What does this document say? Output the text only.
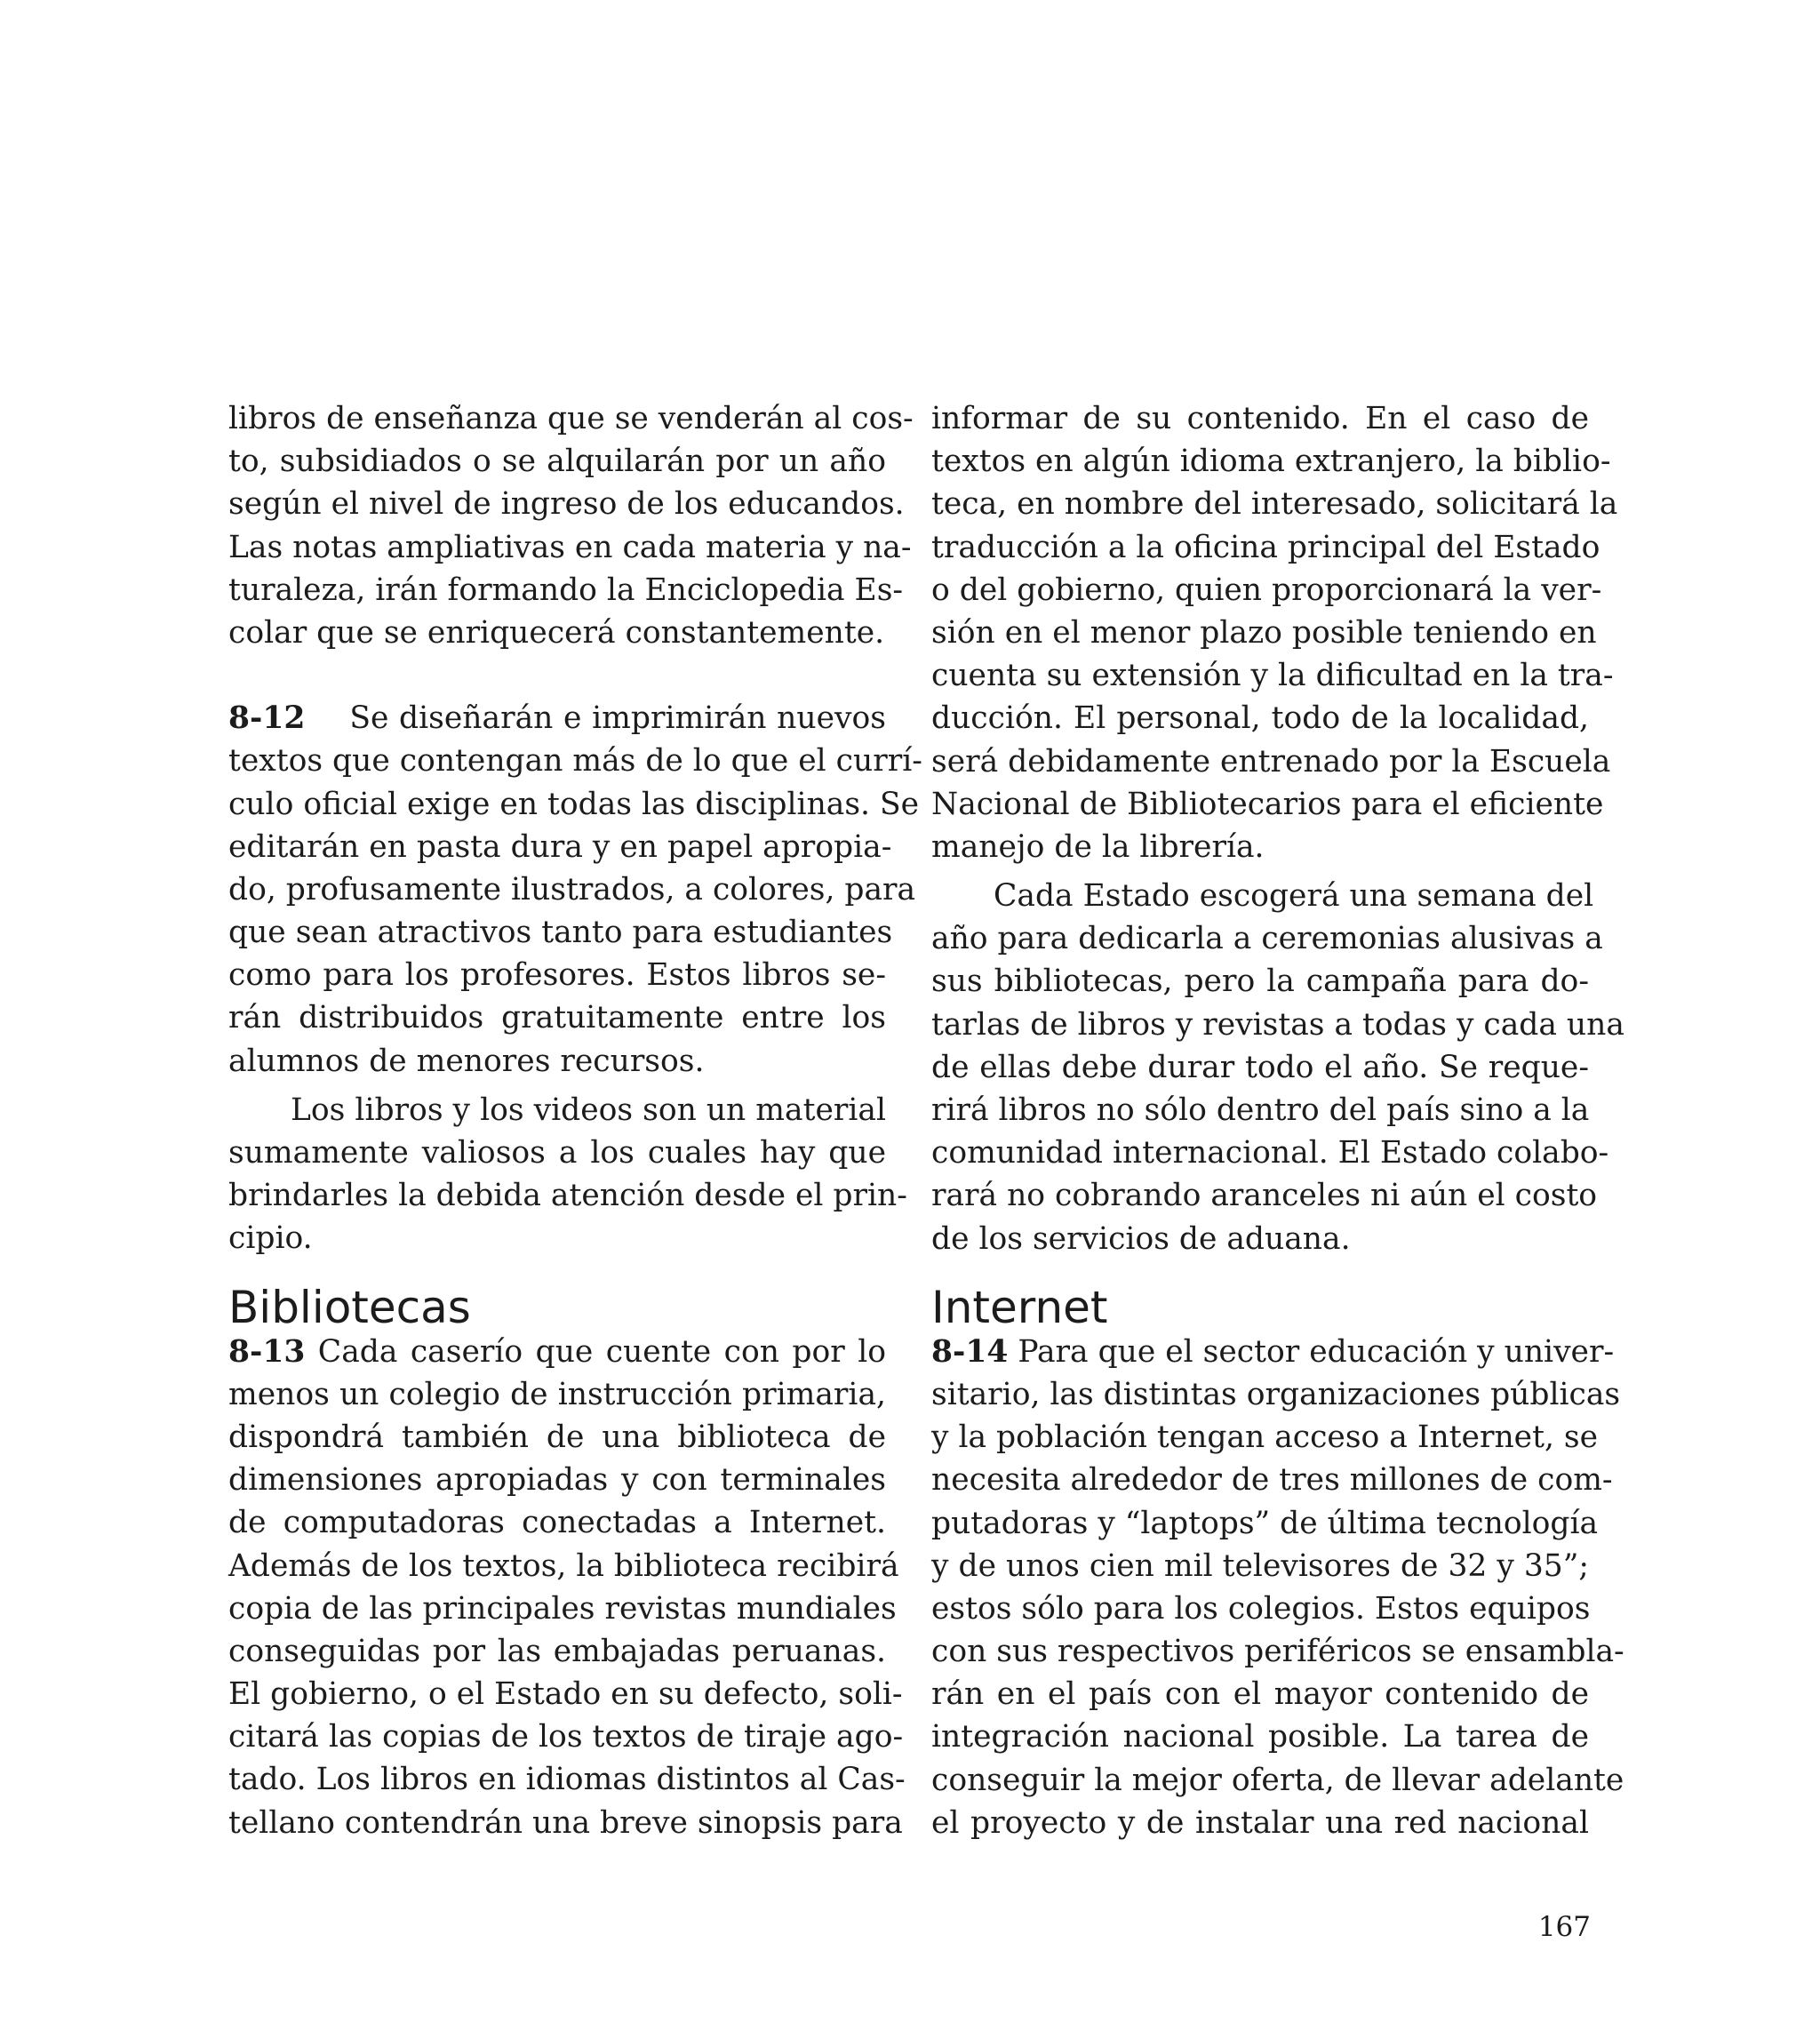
libros de enseñanza que se venderán al cos-
to, subsidiados o se alquilarán por un año
según el nivel de ingreso de los educandos.
Las notas ampliativas en cada materia y na-
turaleza, irán formando la Enciclopedia Es-
colar que se enriquecerá constantemente.
8-12 Se diseñarán e imprimirán nuevos
textos que contengan más de lo que el currí-
culo oficial exige en todas las disciplinas. Se
editarán en pasta dura y en papel apropia-
do, profusamente ilustrados, a colores, para
que sean atractivos tanto para estudiantes
como para los profesores. Estos libros se-
rán distribuidos gratuitamente entre los
alumnos de menores recursos.
Los libros y los videos son un material
sumamente valiosos a los cuales hay que
brindarles la debida atención desde el prin-
cipio.
Bibliotecas
8-13 Cada caserío que cuente con por lo
menos un colegio de instrucción primaria,
dispondrá también de una biblioteca de
dimensiones apropiadas y con terminales
de computadoras conectadas a Internet.
Además de los textos, la biblioteca recibirá
copia de las principales revistas mundiales
conseguidas por las embajadas peruanas.
El gobierno, o el Estado en su defecto, soli-
citará las copias de los textos de tiraje ago-
tado. Los libros en idiomas distintos al Cas-
tellano contendrán una breve sinopsis para
informar de su contenido. En el caso de
textos en algún idioma extranjero, la biblio-
teca, en nombre del interesado, solicitará la
traducción a la oficina principal del Estado
o del gobierno, quien proporcionará la ver-
sión en el menor plazo posible teniendo en
cuenta su extensión y la dificultad en la tra-
ducción. El personal, todo de la localidad,
será debidamente entrenado por la Escuela
Nacional de Bibliotecarios para el eficiente
manejo de la librería.
Cada Estado escogerá una semana del
año para dedicarla a ceremonias alusivas a
sus bibliotecas, pero la campaña para do-
tarlas de libros y revistas a todas y cada una
de ellas debe durar todo el año. Se reque-
rirá libros no sólo dentro del país sino a la
comunidad internacional. El Estado colabo-
rará no cobrando aranceles ni aún el costo
de los servicios de aduana.
Internet
8-14 Para que el sector educación y univer-
sitario, las distintas organizaciones públicas
y la población tengan acceso a Internet, se
necesita alrededor de tres millones de com-
putadoras y “laptops” de última tecnología
y de unos cien mil televisores de 32 y 35”;
estos sólo para los colegios. Estos equipos
con sus respectivos periféricos se ensambla-
rán en el país con el mayor contenido de
integración nacional posible. La tarea de
conseguir la mejor oferta, de llevar adelante
el proyecto y de instalar una red nacional
167
